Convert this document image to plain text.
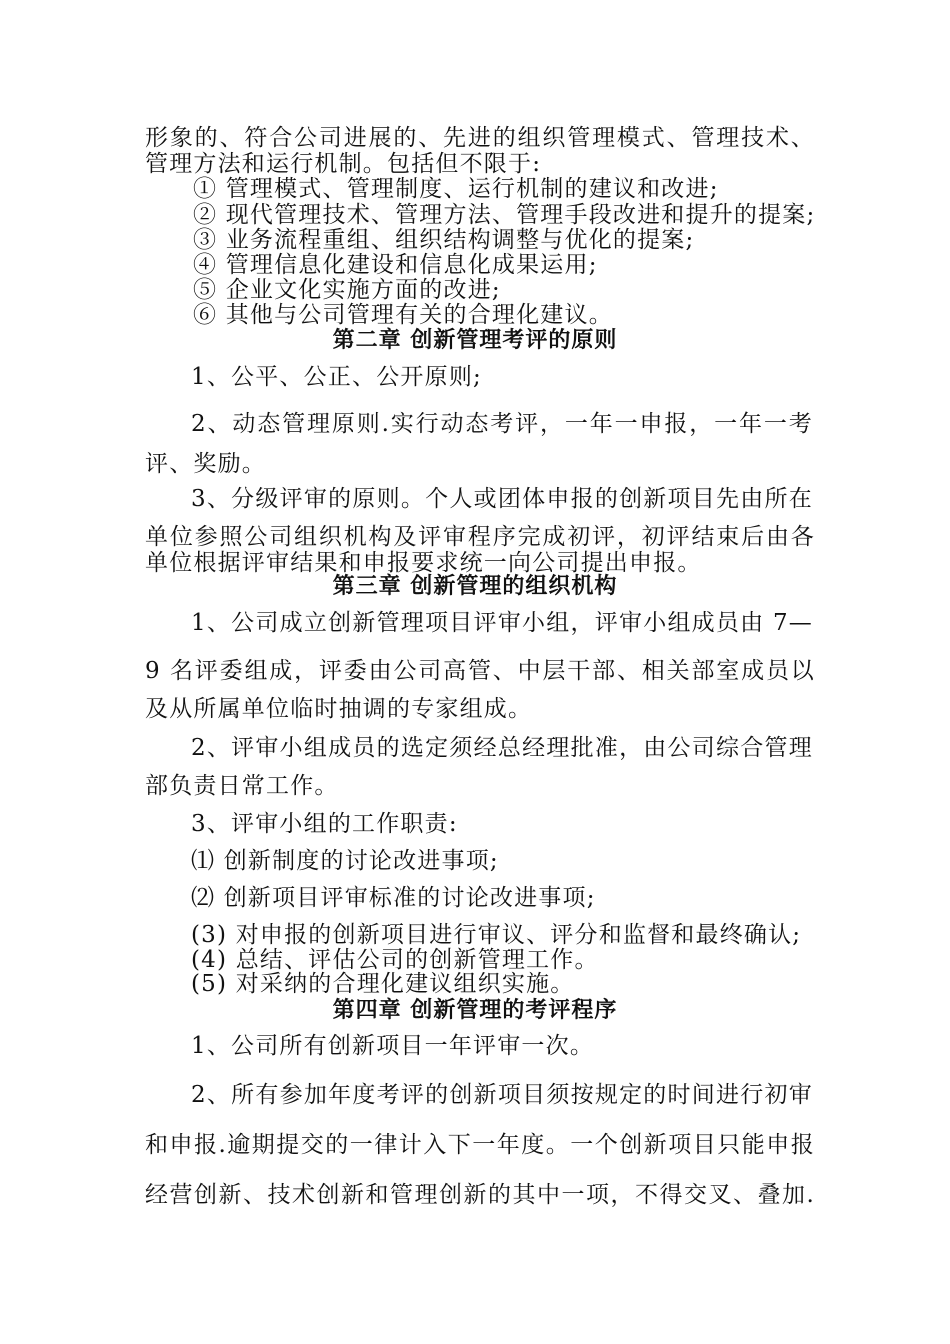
形象的、符合公司进展的、先进的组织管理模式、管理技术、
管理方法和运行机制。包括但不限于:
① 管理模式、管理制度、运行机制的建议和改进;
② 现代管理技术、管理方法、管理手段改进和提升的提案;
③ 业务流程重组、组织结构调整与优化的提案;
④ 管理信息化建设和信息化成果运用;
⑤ 企业文化实施方面的改进;
⑥ 其他与公司管理有关的合理化建议。
第二章 创新管理考评的原则
1、公平、公正、公开原则;
2、动态管理原则.实行动态考评，一年一申报，一年一考
评、奖励。
3、分级评审的原则。个人或团体申报的创新项目先由所在
单位参照公司组织机构及评审程序完成初评，初评结束后由各
单位根据评审结果和申报要求统一向公司提出申报。
第三章 创新管理的组织机构
1、公司成立创新管理项目评审小组，评审小组成员由 7—
9 名评委组成，评委由公司高管、中层干部、相关部室成员以
及从所属单位临时抽调的专家组成。
2、评审小组成员的选定须经总经理批准，由公司综合管理
部负责日常工作。
3、评审小组的工作职责:
⑴ 创新制度的讨论改进事项;
⑵ 创新项目评审标准的讨论改进事项;
(3) 对申报的创新项目进行审议、评分和监督和最终确认;
(4) 总结、评估公司的创新管理工作。
(5) 对采纳的合理化建议组织实施。
第四章 创新管理的考评程序
1、公司所有创新项目一年评审一次。
2、所有参加年度考评的创新项目须按规定的时间进行初审
和申报.逾期提交的一律计入下一年度。一个创新项目只能申报
经营创新、技术创新和管理创新的其中一项，不得交叉、叠加.
